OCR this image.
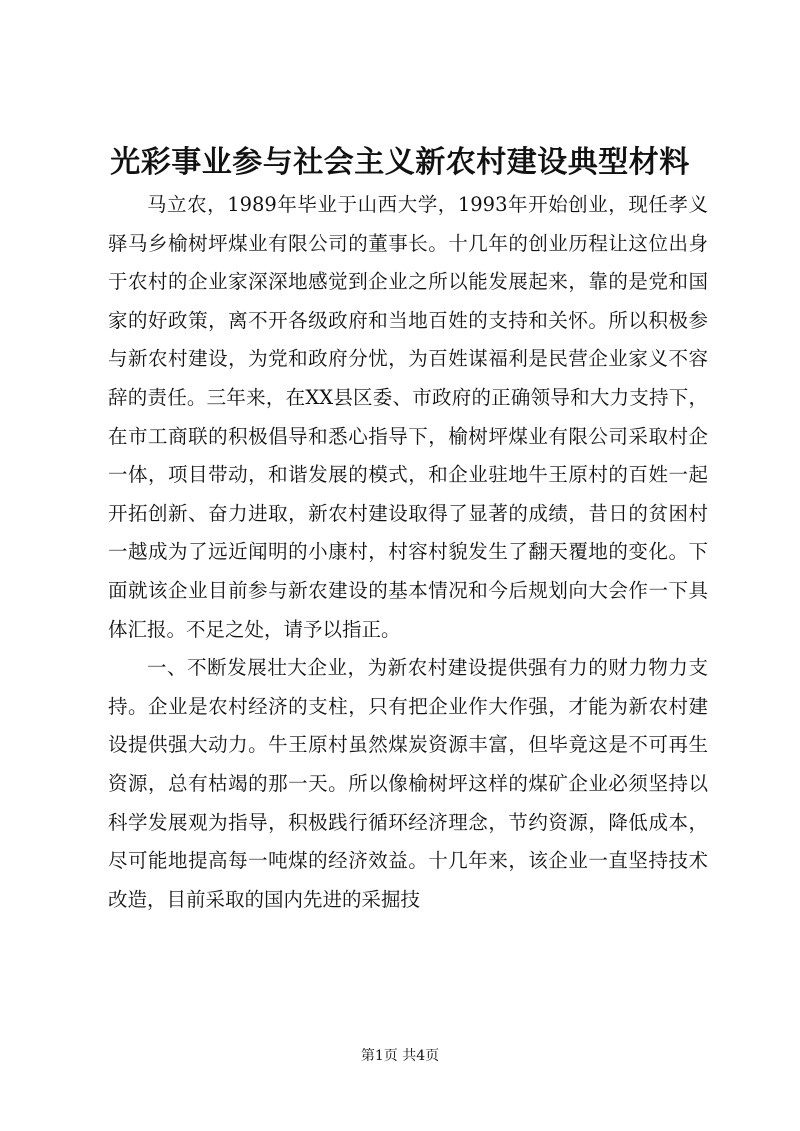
光彩事业参与社会主义新农村建设典型材料

马立农，1989年毕业于山西大学，1993年开始创业，现任孝义驿马乡榆树坪煤业有限公司的董事长。十几年的创业历程让这位出身于农村的企业家深深地感觉到企业之所以能发展起来，靠的是党和国家的好政策，离不开各级政府和当地百姓的支持和关怀。所以积极参与新农村建设，为党和政府分忧，为百姓谋福利是民营企业家义不容辞的责任。三年来，在XX县区委、市政府的正确领导和大力支持下，在市工商联的积极倡导和悉心指导下，榆树坪煤业有限公司采取村企一体，项目带动，和谐发展的模式，和企业驻地牛王原村的百姓一起开拓创新、奋力进取，新农村建设取得了显著的成绩，昔日的贫困村一越成为了远近闻明的小康村，村容村貌发生了翻天覆地的变化。下面就该企业目前参与新农建设的基本情况和今后规划向大会作一下具体汇报。不足之处，请予以指正。

一、不断发展壮大企业，为新农村建设提供强有力的财力物力支持。企业是农村经济的支柱，只有把企业作大作强，才能为新农村建设提供强大动力。牛王原村虽然煤炭资源丰富，但毕竟这是不可再生资源，总有枯竭的那一天。所以像榆树坪这样的煤矿企业必须坚持以科学发展观为指导，积极践行循环经济理念，节约资源，降低成本，尽可能地提高每一吨煤的经济效益。十几年来，该企业一直坚持技术改造，目前采取的国内先进的采掘技

第1页 共4页
